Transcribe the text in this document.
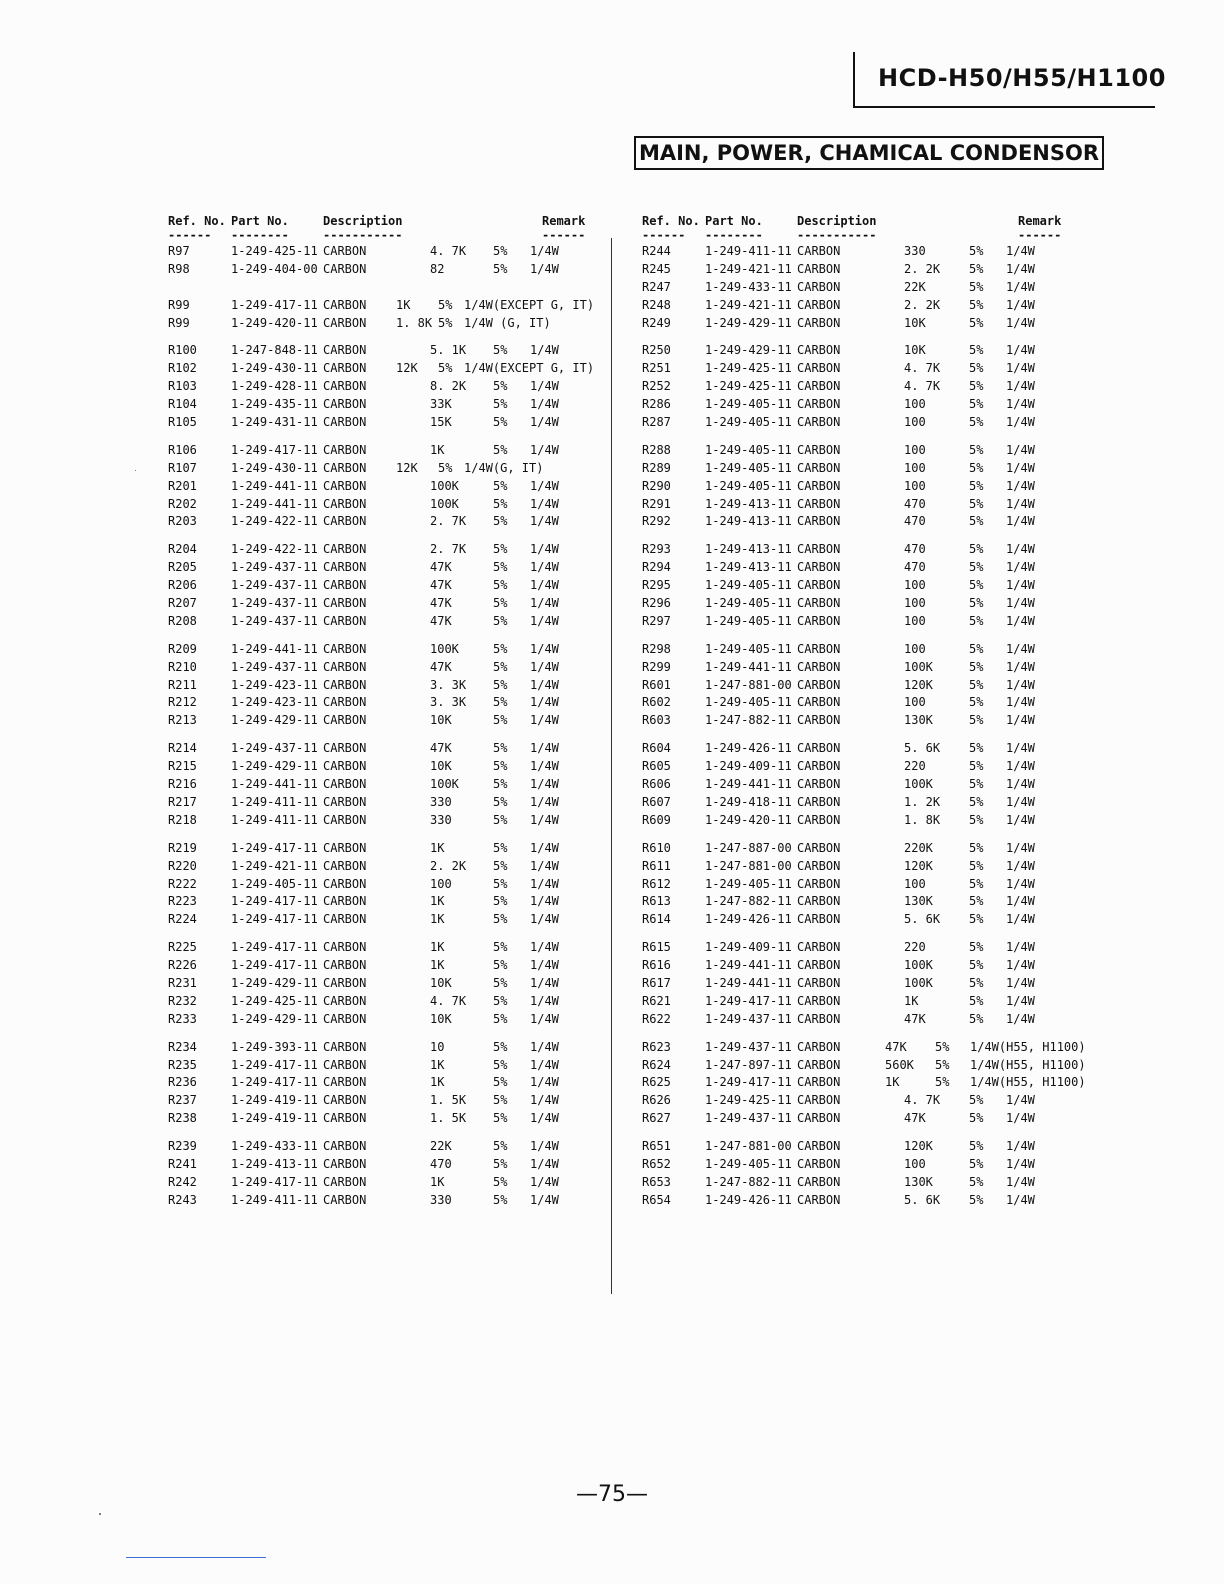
HCD-H50/H55/H1100
MAIN, POWER, CHAMICAL CONDENSOR
Ref. No. Part No.	Description	Remark
------ --------	-----------	------
R97	1-249-425-11 CARBON	4. 7K 5% 1/4W
R98	1-249-404-00 CARBON	82	5% 1/4W
R99	1-249-417-11 CARBON 1K 5% 1/4W(EXCEPT G, IT)
R99	1-249-420-11 CARBON 1. 8K 5% 1/4W (G, IT)
R100	1-247-848-11 CARBON	5. 1K 5% 1/4W
R102	1-249-430-11 CARBON 12K 5% 1/4W(EXCEPT G, IT)
R103	1-249-428-11 CARBON	8. 2K 5% 1/4W
R104	1-249-435-11 CARBON	33K	5% 1/4W
R105	1-249-431-11 CARBON	15K	5% 1/4W
R106	1-249-417-11 CARBON	1K	5% 1/4W
R107	1-249-430-11 CARBON 12K 5% 1/4W(G, IT)
R201	1-249-441-11 CARBON	100K	5% 1/4W
R202	1-249-441-11 CARBON	100K	5% 1/4W
R203	1-249-422-11 CARBON	2. 7K 5% 1/4W
R204	1-249-422-11 CARBON	2. 7K 5% 1/4W
R205	1-249-437-11 CARBON	47K	5% 1/4W
R206	1-249-437-11 CARBON	47K	5% 1/4W
R207	1-249-437-11 CARBON	47K	5% 1/4W
R208	1-249-437-11 CARBON	47K	5% 1/4W
R209	1-249-441-11 CARBON	100K	5% 1/4W
R210	1-249-437-11 CARBON	47K	5% 1/4W
R211	1-249-423-11 CARBON	3. 3K 5% 1/4W
R212	1-249-423-11 CARBON	3. 3K 5% 1/4W
R213	1-249-429-11 CARBON	10K	5% 1/4W
R214	1-249-437-11 CARBON	47K	5% 1/4W
R215	1-249-429-11 CARBON	10K	5% 1/4W
R216	1-249-441-11 CARBON	100K	5% 1/4W
R217	1-249-411-11 CARBON	330	5% 1/4W
R218	1-249-411-11 CARBON	330	5% 1/4W
R219	1-249-417-11 CARBON	1K	5% 1/4W
R220	1-249-421-11 CARBON	2. 2K 5% 1/4W
R222	1-249-405-11 CARBON	100	5% 1/4W
R223	1-249-417-11 CARBON	1K	5% 1/4W
R224	1-249-417-11 CARBON	1K	5% 1/4W
R225	1-249-417-11 CARBON	1K	5% 1/4W
R226	1-249-417-11 CARBON	1K	5% 1/4W
R231	1-249-429-11 CARBON	10K	5% 1/4W
R232	1-249-425-11 CARBON	4. 7K 5% 1/4W
R233	1-249-429-11 CARBON	10K	5% 1/4W
R234	1-249-393-11 CARBON	10	5% 1/4W
R235	1-249-417-11 CARBON	1K	5% 1/4W
R236	1-249-417-11 CARBON	1K	5% 1/4W
R237	1-249-419-11 CARBON	1. 5K 5% 1/4W
R238	1-249-419-11 CARBON	1. 5K 5% 1/4W
R239	1-249-433-11 CARBON	22K	5% 1/4W
R241	1-249-413-11 CARBON	470	5% 1/4W
R242	1-249-417-11 CARBON	1K	5% 1/4W
R243	1-249-411-11 CARBON	330	5% 1/4W
Ref. No. Part No.	Description	Remark
------ --------	-----------	------
R244	1-249-411-11 CARBON	330	5% 1/4W
R245	1-249-421-11 CARBON	2. 2K 5% 1/4W
R247	1-249-433-11 CARBON	22K	5% 1/4W
R248	1-249-421-11 CARBON	2. 2K 5% 1/4W
R249	1-249-429-11 CARBON	10K	5% 1/4W
R250	1-249-429-11 CARBON	10K	5% 1/4W
R251	1-249-425-11 CARBON	4. 7K 5% 1/4W
R252	1-249-425-11 CARBON	4. 7K 5% 1/4W
R286	1-249-405-11 CARBON	100	5% 1/4W
R287	1-249-405-11 CARBON	100	5% 1/4W
R288	1-249-405-11 CARBON	100	5% 1/4W
R289	1-249-405-11 CARBON	100	5% 1/4W
R290	1-249-405-11 CARBON	100	5% 1/4W
R291	1-249-413-11 CARBON	470	5% 1/4W
R292	1-249-413-11 CARBON	470	5% 1/4W
R293	1-249-413-11 CARBON	470	5% 1/4W
R294	1-249-413-11 CARBON	470	5% 1/4W
R295	1-249-405-11 CARBON	100	5% 1/4W
R296	1-249-405-11 CARBON	100	5% 1/4W
R297	1-249-405-11 CARBON	100	5% 1/4W
R298	1-249-405-11 CARBON	100	5% 1/4W
R299	1-249-441-11 CARBON	100K	5% 1/4W
R601	1-247-881-00 CARBON	120K	5% 1/4W
R602	1-249-405-11 CARBON	100	5% 1/4W
R603	1-247-882-11 CARBON	130K	5% 1/4W
R604	1-249-426-11 CARBON	5. 6K 5% 1/4W
R605	1-249-409-11 CARBON	220	5% 1/4W
R606	1-249-441-11 CARBON	100K	5% 1/4W
R607	1-249-418-11 CARBON	1. 2K 5% 1/4W
R609	1-249-420-11 CARBON	1. 8K 5% 1/4W
R610	1-247-887-00 CARBON	220K	5% 1/4W
R611	1-247-881-00 CARBON	120K	5% 1/4W
R612	1-249-405-11 CARBON	100	5% 1/4W
R613	1-247-882-11 CARBON	130K	5% 1/4W
R614	1-249-426-11 CARBON	5. 6K 5% 1/4W
R615	1-249-409-11 CARBON	220	5% 1/4W
R616	1-249-441-11 CARBON	100K	5% 1/4W
R617	1-249-441-11 CARBON	100K	5% 1/4W
R621	1-249-417-11 CARBON	1K	5% 1/4W
R622	1-249-437-11 CARBON	47K	5% 1/4W
R623	1-249-437-11 CARBON	47K 5% 1/4W(H55, H1100)
R624	1-247-897-11 CARBON	560K 5% 1/4W(H55, H1100)
R625	1-249-417-11 CARBON	1K	5% 1/4W(H55, H1100)
R626	1-249-425-11 CARBON	4. 7K 5% 1/4W
R627	1-249-437-11 CARBON	47K	5% 1/4W
R651	1-247-881-00 CARBON	120K	5% 1/4W
R652	1-249-405-11 CARBON	100	5% 1/4W
R653	1-247-882-11 CARBON	130K	5% 1/4W
R654	1-249-426-11 CARBON	5. 6K 5% 1/4W
—75—
